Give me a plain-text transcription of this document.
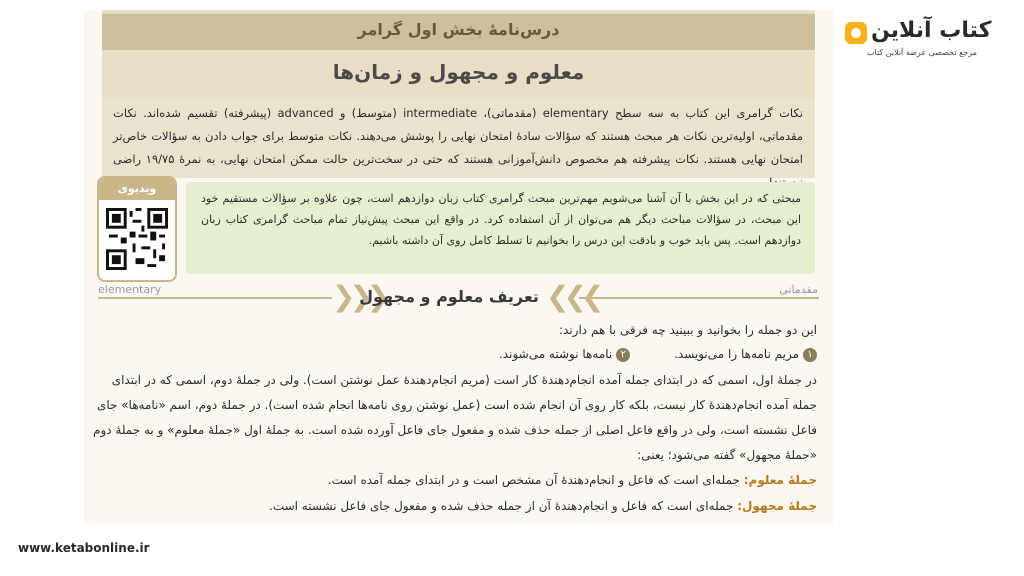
درس‌نامهٔ بخش اول گرامر
معلوم و مجهول و زمان‌ها
نکات گرامری این کتاب به سه سطح elementary (مقدماتی)، intermediate (متوسط) و advanced (پیشرفته) تقسیم شده‌اند. نکات مقدماتی، اولیه‌ترین نکات هر مبحث هستند که سؤالات سادهٔ امتحان نهایی را پوشش می‌دهند. نکات متوسط برای جواب دادن به سؤالات خاص‌تر امتحان نهایی هستند. نکات پیشرفته هم مخصوص دانش‌آموزانی هستند که حتی در سخت‌ترین حالت ممکن امتحان نهایی، به نمرهٔ ۱۹/۷۵ راضی
ویدیوی
مبحثی که در این بخش با آن آشنا می‌شویم مهم‌ترین مبحث گرامری کتاب زبان دوازدهم است، چون علاوه بر سؤالات مستقیم خود این مبحث، در سؤالات مباحث دیگر هم می‌توان از آن استفاده کرد. در واقع این مبحث پیش‌نیاز تمام مباحث گرامری کتاب زبان دوازدهم است. پس باید خوب و بادقت این درس را بخوانیم تا تسلط کامل روی آن داشته باشیم.
elementary	مقدماتی
❯❯❯	❮❮❮
تعریف معلوم و مجهول
این دو جمله را بخوانید و ببینید چه فرقی با هم دارند:
۱مریم نامه‌ها را می‌نویسد. ۲نامه‌ها نوشته می‌شوند.
در جملهٔ اول، اسمی که در ابتدای جمله آمده انجام‌دهندهٔ کار است (مریم انجام‌دهندهٔ عمل نوشتن است). ولی در جملهٔ دوم، اسمی که در ابتدای
جمله آمده انجام‌دهندهٔ کار نیست، بلکه کار روی آن انجام شده است (عمل نوشتن روی نامه‌ها انجام شده است). در جملهٔ دوم، اسم «نامه‌ها» جای
فاعل نشسته است، ولی در واقع فاعل اصلی از جمله حذف شده و مفعول جای فاعل آورده شده است. به جملهٔ اول «جملهٔ معلوم» و به جملهٔ دوم
«جملهٔ مجهول» گفته می‌شود؛ یعنی:
جملهٔ معلوم: جمله‌ای است که فاعل و انجام‌دهندهٔ آن مشخص است و در ابتدای جمله آمده است.
جملهٔ مجهول: جمله‌ای است که فاعل و انجام‌دهندهٔ آن از جمله حذف شده و مفعول جای فاعل نشسته است.
کتاب آنلاین
مرجع تخصصی عرضه آنلاین کتاب
www.ketabonline.ir
